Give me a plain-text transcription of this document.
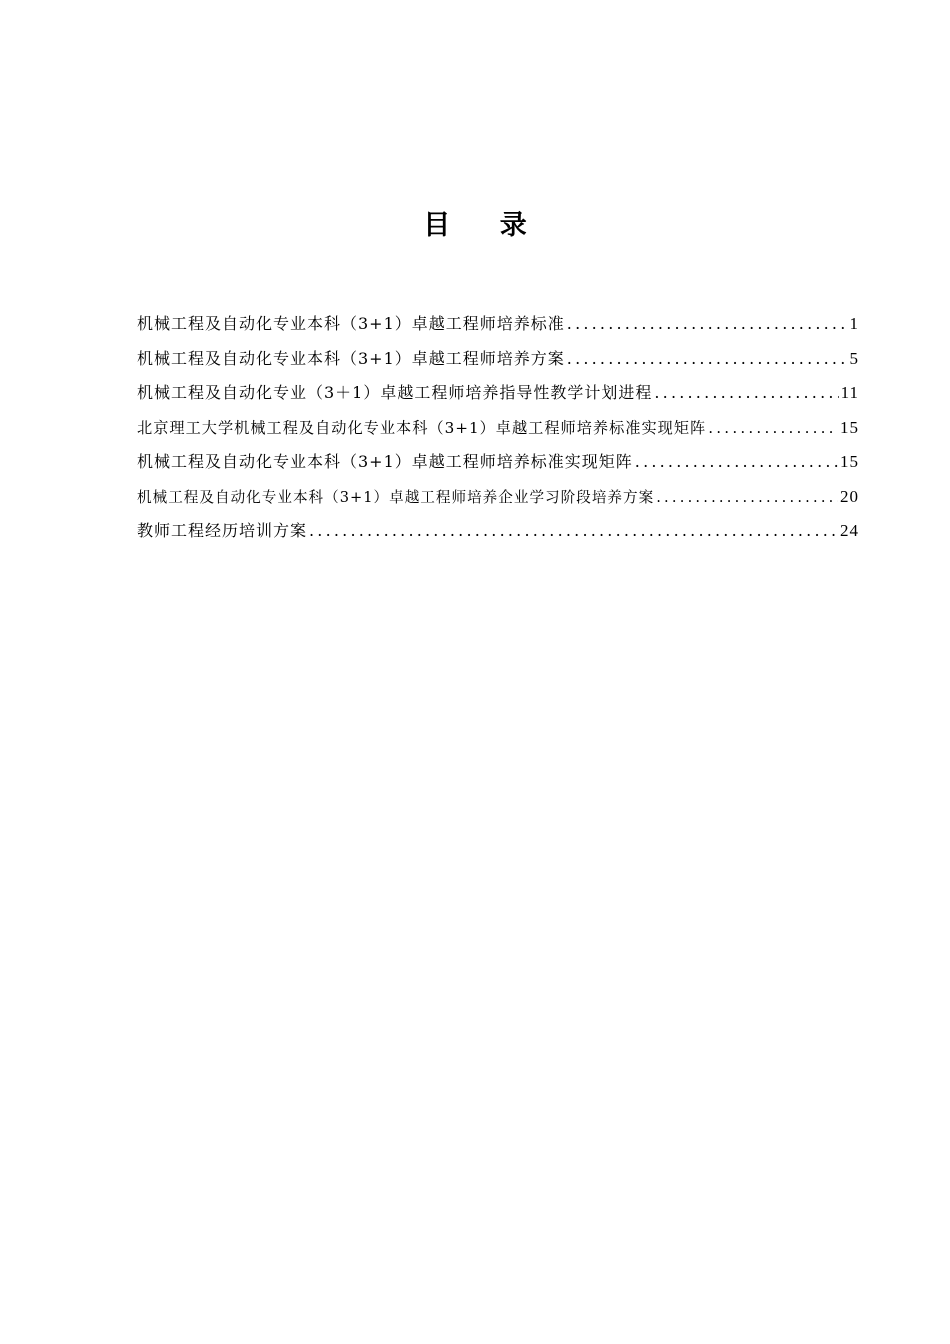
目 录
机械工程及自动化专业本科（3+1）卓越工程师培养标准 .....	1
机械工程及自动化专业本科（3+1）卓越工程师培养方案 .....	5
机械工程及自动化专业（3＋1）卓越工程师培养指导性教学计划进程 .....	11
北京理工大学机械工程及自动化专业本科（3+1）卓越工程师培养标准实现矩阵 .....	15
机械工程及自动化专业本科（3+1）卓越工程师培养标准实现矩阵 .....	15
机械工程及自动化专业本科（3+1）卓越工程师培养企业学习阶段培养方案 .....	20
教师工程经历培训方案 .....	24
